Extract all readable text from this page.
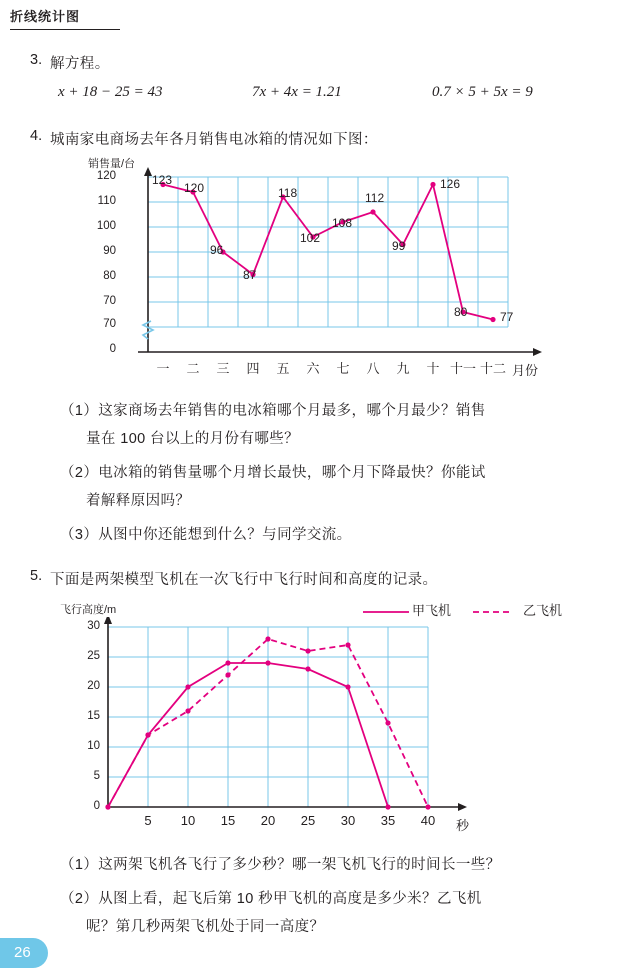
折线统计图
3. 解方程。
x + 18 − 25 = 43	7x + 4x = 1.21	0.7 × 5 + 5x = 9
4. 城南家电商场去年各月销售电冰箱的情况如下图：
销售量/台
120
110
100
90
80
70
70
0
一	二	三	四	五	六	七	八	九	十 十一 十二 月份
123
120
96
87
118
102
108
112
99
126
80	77
（1）这家商场去年销售的电冰箱哪个月最多，哪个月最少？销售
量在 100 台以上的月份有哪些？
（2）电冰箱的销售量哪个月增长最快，哪个月下降最快？你能试
着解释原因吗？
（3）从图中你还能想到什么？与同学交流。
5. 下面是两架模型飞机在一次飞行中飞行时间和高度的记录。
飞行高度/m	甲飞机	乙飞机
30
25
20
15
10
5
0
5	10	15	20	25	30	35	40	秒
（1）这两架飞机各飞行了多少秒？哪一架飞机飞行的时间长一些？
（2）从图上看，起飞后第 10 秒甲飞机的高度是多少米？乙飞机
呢？第几秒两架飞机处于同一高度？
26
